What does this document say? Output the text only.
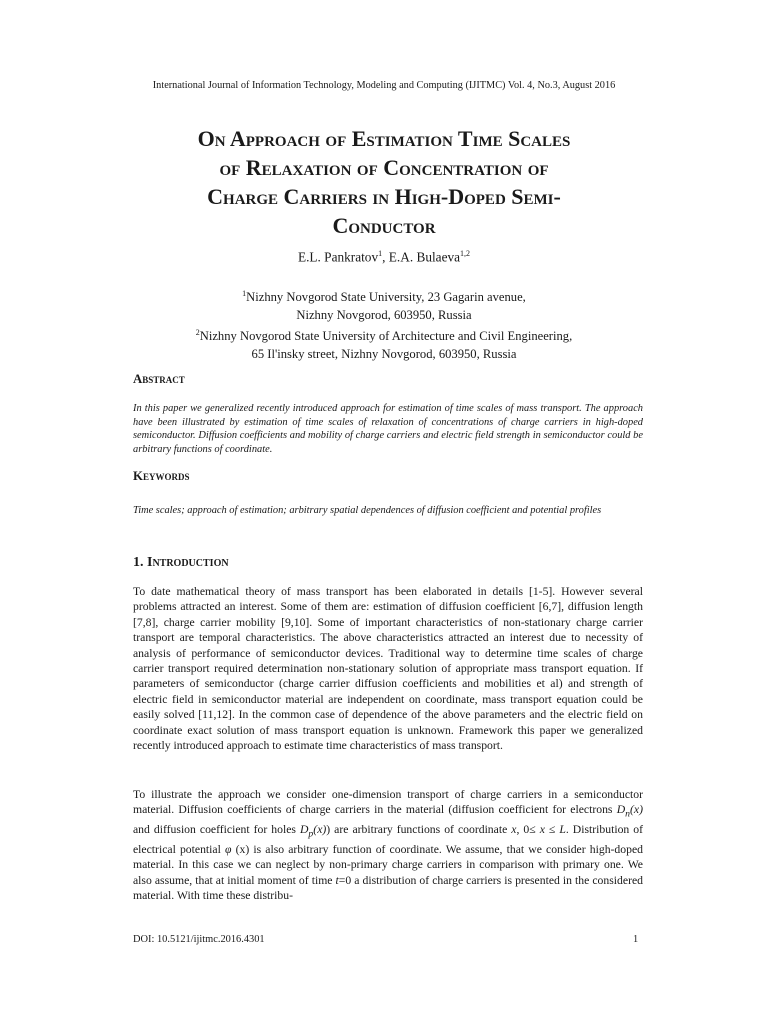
International Journal of Information Technology, Modeling and Computing (IJITMC) Vol. 4, No.3, August 2016
On Approach of Estimation Time Scales
of Relaxation of Concentration of
Charge Carriers in High-Doped Semi-
Conductor
E.L. Pankratov$^1$, E.A. Bulaeva$^{1,2}$
$^1$Nizhny Novgorod State University, 23 Gagarin avenue,
Nizhny Novgorod, 603950, Russia
$^2$Nizhny Novgorod State University of Architecture and Civil Engineering,
65 Il'insky street, Nizhny Novgorod, 603950, Russia
Abstract
In this paper we generalized recently introduced approach for estimation of time scales of mass transport. The approach have been illustrated by estimation of time scales of relaxation of concentrations of charge carriers in high-doped semiconductor. Diffusion coefficients and mobility of charge carriers and electric field strength in semiconductor could be arbitrary functions of coordinate.
Keywords
Time scales; approach of estimation; arbitrary spatial dependences of diffusion coefficient and potential profiles
1. Introduction

To date mathematical theory of mass transport has been elaborated in details [1-5]. However several problems attracted an interest. Some of them are: estimation of diffusion coefficient [6,7], diffusion length [7,8], charge carrier mobility [9,10]. Some of important characteristics of non-stationary charge carrier transport are temporal characteristics. The above characteristics attracted an interest due to necessity of analysis of performance of semiconductor devices. Traditional way to determine time scales of charge carrier transport required determination non-stationary solution of appropriate mass transport equation. If parameters of semiconductor (charge carrier diffusion coefficients and mobilities et al) and strength of electric field in semiconductor material are independent on coordinate, mass transport equation could be easily solved [11,12]. In the common case of dependence of the above parameters and the electric field on coordinate exact solution of mass transport equation is unknown. Framework this paper we generalized recently introduced approach to estimate time characteristics of mass transport.

To illustrate the approach we consider one-dimension transport of charge carriers in a semiconductor material. Diffusion coefficients of charge carriers in the material (diffusion coefficient for electrons $D_n(x)$ and diffusion coefficient for holes $D_p(x)$) are arbitrary functions of coordinate x, 0≤ x ≤ L. Distribution of electrical potential φ (x) is also arbitrary function of coordinate. We assume, that we consider high-doped material. In this case we can neglect by non-primary charge carriers in comparison with primary one. We also assume, that at initial moment of time t=0 a distribution of charge carriers is presented in the considered material. With time these distribu-

DOI: 10.5121/ijitmc.2016.4301	1
